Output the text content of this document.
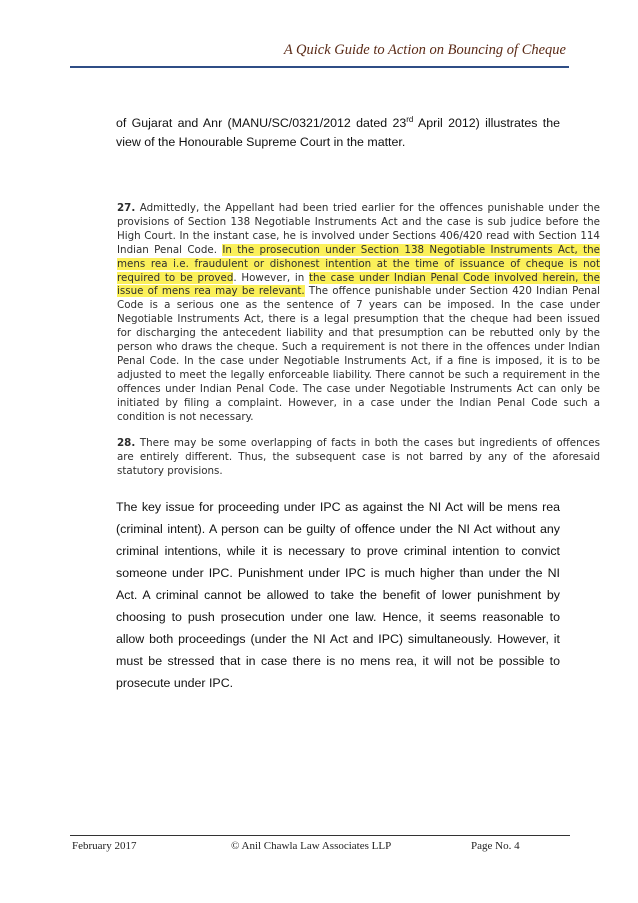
A Quick Guide to Action on Bouncing of Cheque
of Gujarat and Anr (MANU/SC/0321/2012 dated 23rd April 2012) illustrates the view of the Honourable Supreme Court in the matter.
27. Admittedly, the Appellant had been tried earlier for the offences punishable under the provisions of Section 138 Negotiable Instruments Act and the case is sub judice before the High Court. In the instant case, he is involved under Sections 406/420 read with Section 114 Indian Penal Code. In the prosecution under Section 138 Negotiable Instruments Act, the mens rea i.e. fraudulent or dishonest intention at the time of issuance of cheque is not required to be proved. However, in the case under Indian Penal Code involved herein, the issue of mens rea may be relevant. The offence punishable under Section 420 Indian Penal Code is a serious one as the sentence of 7 years can be imposed. In the case under Negotiable Instruments Act, there is a legal presumption that the cheque had been issued for discharging the antecedent liability and that presumption can be rebutted only by the person who draws the cheque. Such a requirement is not there in the offences under Indian Penal Code. In the case under Negotiable Instruments Act, if a fine is imposed, it is to be adjusted to meet the legally enforceable liability. There cannot be such a requirement in the offences under Indian Penal Code. The case under Negotiable Instruments Act can only be initiated by filing a complaint. However, in a case under the Indian Penal Code such a condition is not necessary.
28. There may be some overlapping of facts in both the cases but ingredients of offences are entirely different. Thus, the subsequent case is not barred by any of the aforesaid statutory provisions.
The key issue for proceeding under IPC as against the NI Act will be mens rea (criminal intent). A person can be guilty of offence under the NI Act without any criminal intentions, while it is necessary to prove criminal intention to convict someone under IPC. Punishment under IPC is much higher than under the NI Act. A criminal cannot be allowed to take the benefit of lower punishment by choosing to push prosecution under one law. Hence, it seems reasonable to allow both proceedings (under the NI Act and IPC) simultaneously. However, it must be stressed that in case there is no mens rea, it will not be possible to prosecute under IPC.
February 2017	© Anil Chawla Law Associates LLP	Page No. 4
